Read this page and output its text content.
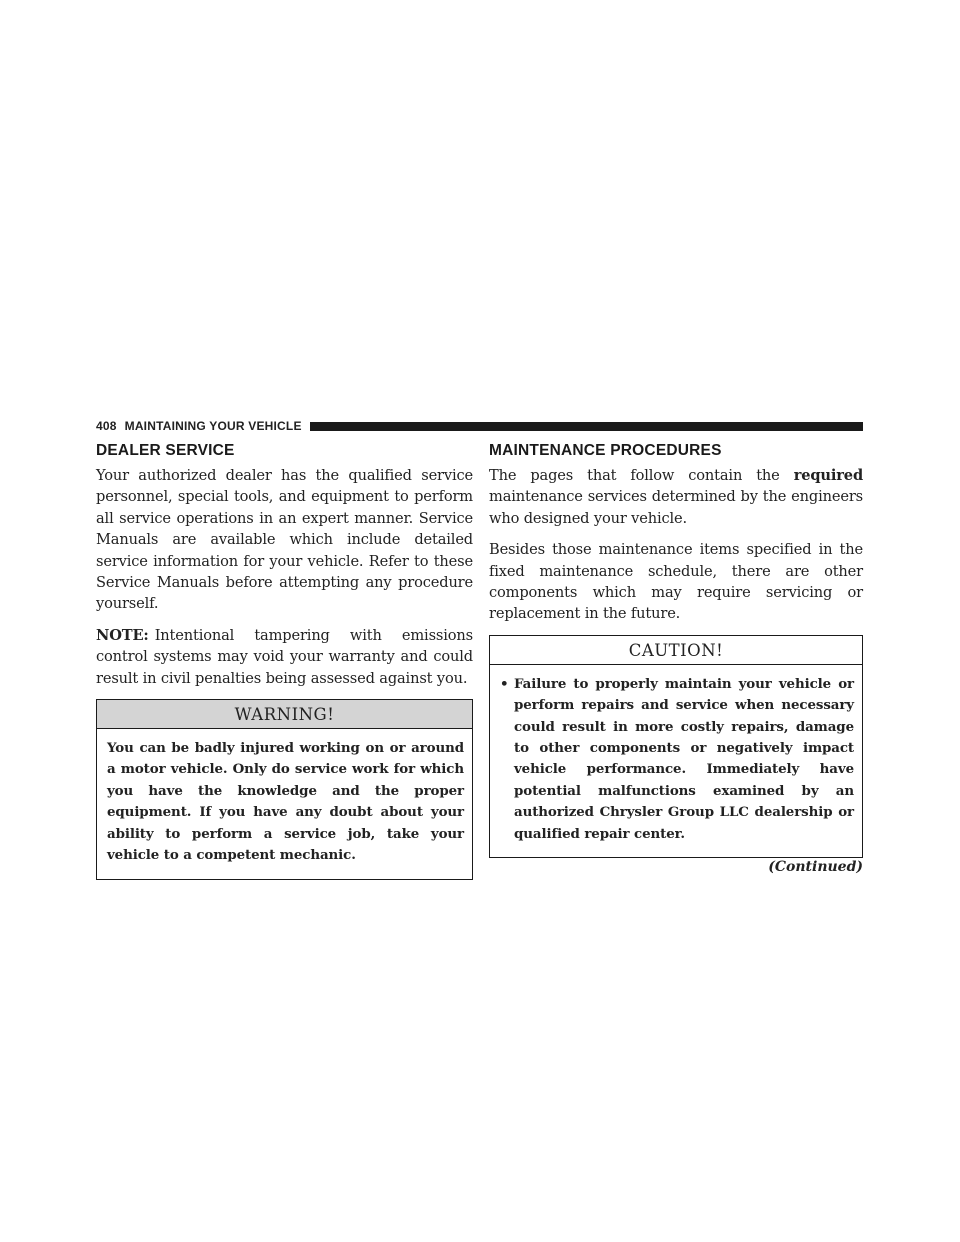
408 MAINTAINING YOUR VEHICLE
DEALER SERVICE

Your authorized dealer has the qualified service personnel, special tools, and equipment to perform all service operations in an expert manner. Service Manuals are available which include detailed service information for your vehicle. Refer to these Service Manuals before attempting any procedure yourself.

NOTE: Intentional tampering with emissions control systems may void your warranty and could result in civil penalties being assessed against you.

WARNING!
You can be badly injured working on or around a motor vehicle. Only do service work for which you have the knowledge and the proper equipment. If you have any doubt about your ability to perform a service job, take your vehicle to a competent mechanic.
MAINTENANCE PROCEDURES

The pages that follow contain the required maintenance services determined by the engineers who designed your vehicle.

Besides those maintenance items specified in the fixed maintenance schedule, there are other components which may require servicing or replacement in the future.

CAUTION!
• Failure to properly maintain your vehicle or perform repairs and service when necessary could result in more costly repairs, damage to other components or negatively impact vehicle performance. Immediately have potential malfunctions examined by an authorized Chrysler Group LLC dealership or qualified repair center.
(Continued)
